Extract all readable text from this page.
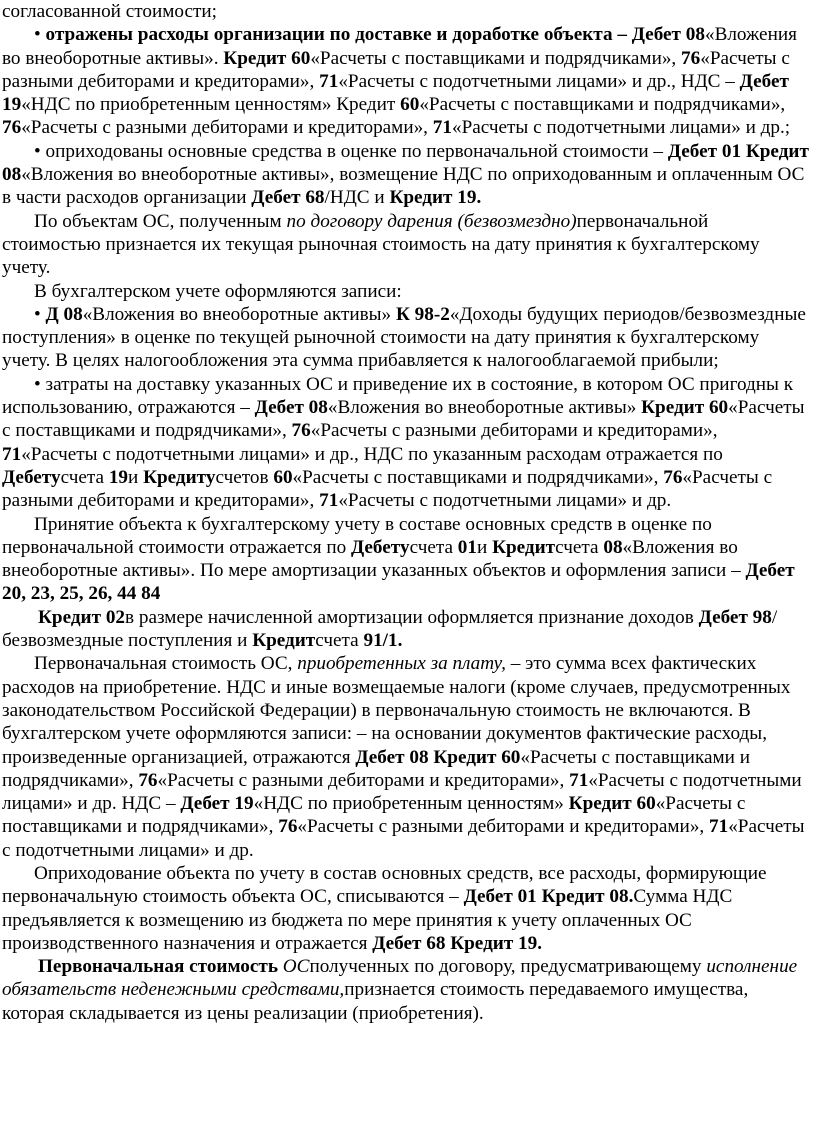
согласованной стоимости;

• отражены расходы организации по доставке и доработке объекта – Дебет 08«Вложения во внеоборотные активы». Кредит 60«Расчеты с поставщиками и подрядчиками», 76«Расчеты с разными дебиторами и кредиторами», 71«Расчеты с подотчетными лицами» и др., НДС – Дебет 19«НДС по приобретенным ценностям» Кредит 60«Расчеты с поставщиками и подрядчиками», 76«Расчеты с разными дебиторами и кредиторами», 71«Расчеты с подотчетными лицами» и др.;

• оприходованы основные средства в оценке по первоначальной стоимости – Дебет 01 Кредит 08«Вложения во внеоборотные активы», возмещение НДС по оприходованным и оплаченным ОС в части расходов организации Дебет 68/НДС и Кредит 19.

По объектам ОС, полученным по договору дарения (безвозмездно)первоначальной стоимостью признается их текущая рыночная стоимость на дату принятия к бухгалтерскому учету.

В бухгалтерском учете оформляются записи:

• Д 08«Вложения во внеоборотные активы» К 98-2«Доходы будущих периодов/безвозмездные поступления» в оценке по текущей рыночной стоимости на дату принятия к бухгалтерскому учету. В целях налогообложения эта сумма прибавляется к налогооблагаемой прибыли;

• затраты на доставку указанных ОС и приведение их в состояние, в котором ОС пригодны к использованию, отражаются – Дебет 08«Вложения во внеоборотные активы» Кредит 60«Расчеты с поставщиками и подрядчиками», 76«Расчеты с разными дебиторами и кредиторами», 71«Расчеты с подотчетными лицами» и др., НДС по указанным расходам отражается по Дебетусчета 19и Кредитусчетов 60«Расчеты с поставщиками и подрядчиками», 76«Расчеты с разными дебиторами и кредиторами», 71«Расчеты с подотчетными лицами» и др.

Принятие объекта к бухгалтерскому учету в составе основных средств в оценке по первоначальной стоимости отражается по Дебетусчета 01и Кредитсчета 08«Вложения во внеоборотные активы». По мере амортизации указанных объектов и оформления записи – Дебет 20, 23, 25, 26, 44 84

Кредит 02в размере начисленной амортизации оформляется признание доходов Дебет 98/безвозмездные поступления и Кредитсчета 91/1.

Первоначальная стоимость ОС, приобретенных за плату, – это сумма всех фактических расходов на приобретение. НДС и иные возмещаемые налоги (кроме случаев, предусмотренных законодательством Российской Федерации) в первоначальную стоимость не включаются. В бухгалтерском учете оформляются записи: – на основании документов фактические расходы, произведенные организацией, отражаются Дебет 08 Кредит 60«Расчеты с поставщиками и подрядчиками», 76«Расчеты с разными дебиторами и кредиторами», 71«Расчеты с подотчетными лицами» и др. НДС – Дебет 19«НДС по приобретенным ценностям» Кредит 60«Расчеты с поставщиками и подрядчиками», 76«Расчеты с разными дебиторами и кредиторами», 71«Расчеты с подотчетными лицами» и др.

Оприходование объекта по учету в состав основных средств, все расходы, формирующие первоначальную стоимость объекта ОС, списываются – Дебет 01 Кредит 08.Сумма НДС предъявляется к возмещению из бюджета по мере принятия к учету оплаченных ОС производственного назначения и отражается Дебет 68 Кредит 19.

Первоначальная стоимость ОСполученных по договору, предусматривающему исполнение обязательств неденежными средствами,признается стоимость передаваемого имущества, которая складывается из цены реализации (приобретения).
